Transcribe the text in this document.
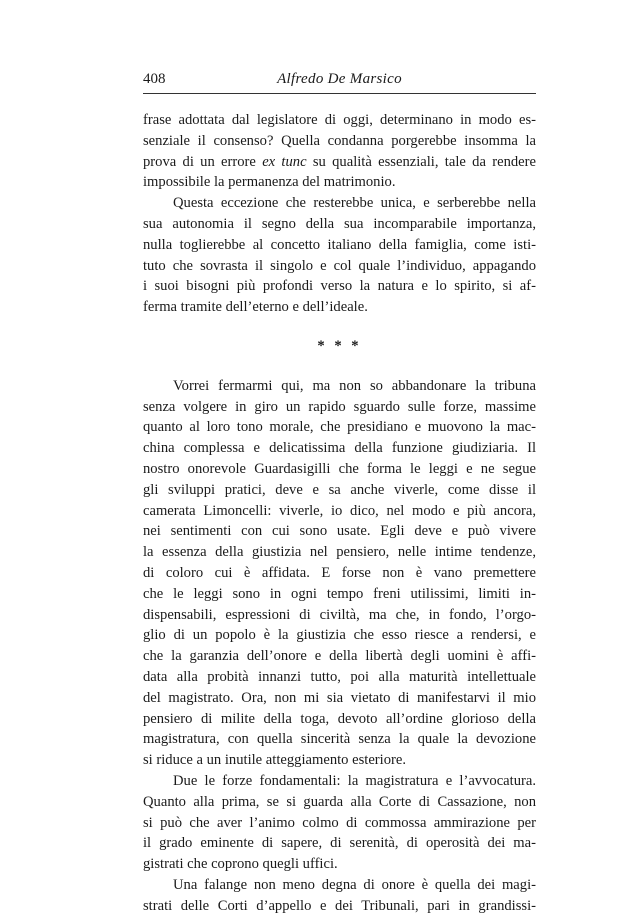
408	Alfredo De Marsico
frase adottata dal legislatore di oggi, determinano in modo es-
senziale il consenso? Quella condanna porgerebbe insomma la
prova di un errore ex tunc su qualità essenziali, tale da rendere
impossibile la permanenza del matrimonio.
Questa eccezione che resterebbe unica, e serberebbe nella
sua autonomia il segno della sua incomparabile importanza,
nulla toglierebbe al concetto italiano della famiglia, come isti-
tuto che sovrasta il singolo e col quale l’individuo, appagando
i suoi bisogni più profondi verso la natura e lo spirito, si af-
ferma tramite dell’eterno e dell’ideale.
* * *
Vorrei fermarmi qui, ma non so abbandonare la tribuna
senza volgere in giro un rapido sguardo sulle forze, massime
quanto al loro tono morale, che presidiano e muovono la mac-
china complessa e delicatissima della funzione giudiziaria. Il
nostro onorevole Guardasigilli che forma le leggi e ne segue
gli sviluppi pratici, deve e sa anche viverle, come disse il
camerata Limoncelli: viverle, io dico, nel modo e più ancora,
nei sentimenti con cui sono usate. Egli deve e può vivere
la essenza della giustizia nel pensiero, nelle intime tendenze,
di coloro cui è affidata. E forse non è vano premettere
che le leggi sono in ogni tempo freni utilissimi, limiti in-
dispensabili, espressioni di civiltà, ma che, in fondo, l’orgo-
glio di un popolo è la giustizia che esso riesce a rendersi, e
che la garanzia dell’onore e della libertà degli uomini è affi-
data alla probità innanzi tutto, poi alla maturità intellettuale
del magistrato. Ora, non mi sia vietato di manifestarvi il mio
pensiero di milite della toga, devoto all’ordine glorioso della
magistratura, con quella sincerità senza la quale la devozione
si riduce a un inutile atteggiamento esteriore.
Due le forze fondamentali: la magistratura e l’avvocatura.
Quanto alla prima, se si guarda alla Corte di Cassazione, non
si può che aver l’animo colmo di commossa ammirazione per
il grado eminente di sapere, di serenità, di operosità dei ma-
gistrati che coprono quegli uffici.
Una falange non meno degna di onore è quella dei magi-
strati delle Corti d’appello e dei Tribunali, pari in grandissi-
